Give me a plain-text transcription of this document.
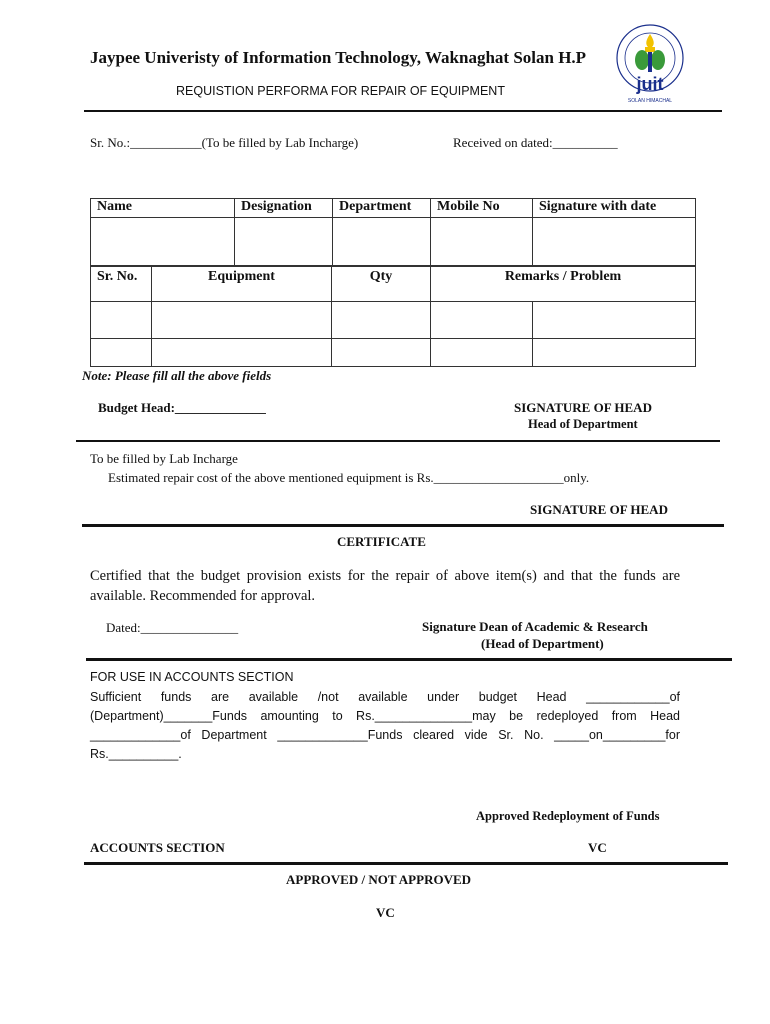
Jaypee Univeristy of Information Technology, Waknaghat Solan H.P
REQUISTION PERFORMA FOR REPAIR OF EQUIPMENT	juit
SOLAN HIMACHAL
Sr. No.:___________(To be filled by Lab Incharge)	Received on dated:__________
Name	Designation	Department	Mobile No	Signature with date

Sr. No.	Equipment	Qty	Remarks / Problem	

Note: Please fill all the above fields
Budget Head:______________	SIGNATURE OF HEAD
Head of Department
To be filled by Lab Incharge
Estimated repair cost of the above mentioned equipment is Rs.____________________only.
SIGNATURE OF HEAD
CERTIFICATE
Certified that the budget provision exists for the repair of above item(s) and that the funds are available. Recommended for approval.
Dated:_______________	Signature Dean of Academic & Research
(Head of Department)
FOR USE IN ACCOUNTS SECTION
Sufficient funds are available /not available under budget Head ____________of (Department)_______Funds amounting to Rs.______________may be redeployed from Head _____________of Department _____________Funds cleared vide Sr. No. _____on_________for Rs.__________.
Approved Redeployment of Funds
ACCOUNTS SECTION	VC
APPROVED / NOT APPROVED
VC
